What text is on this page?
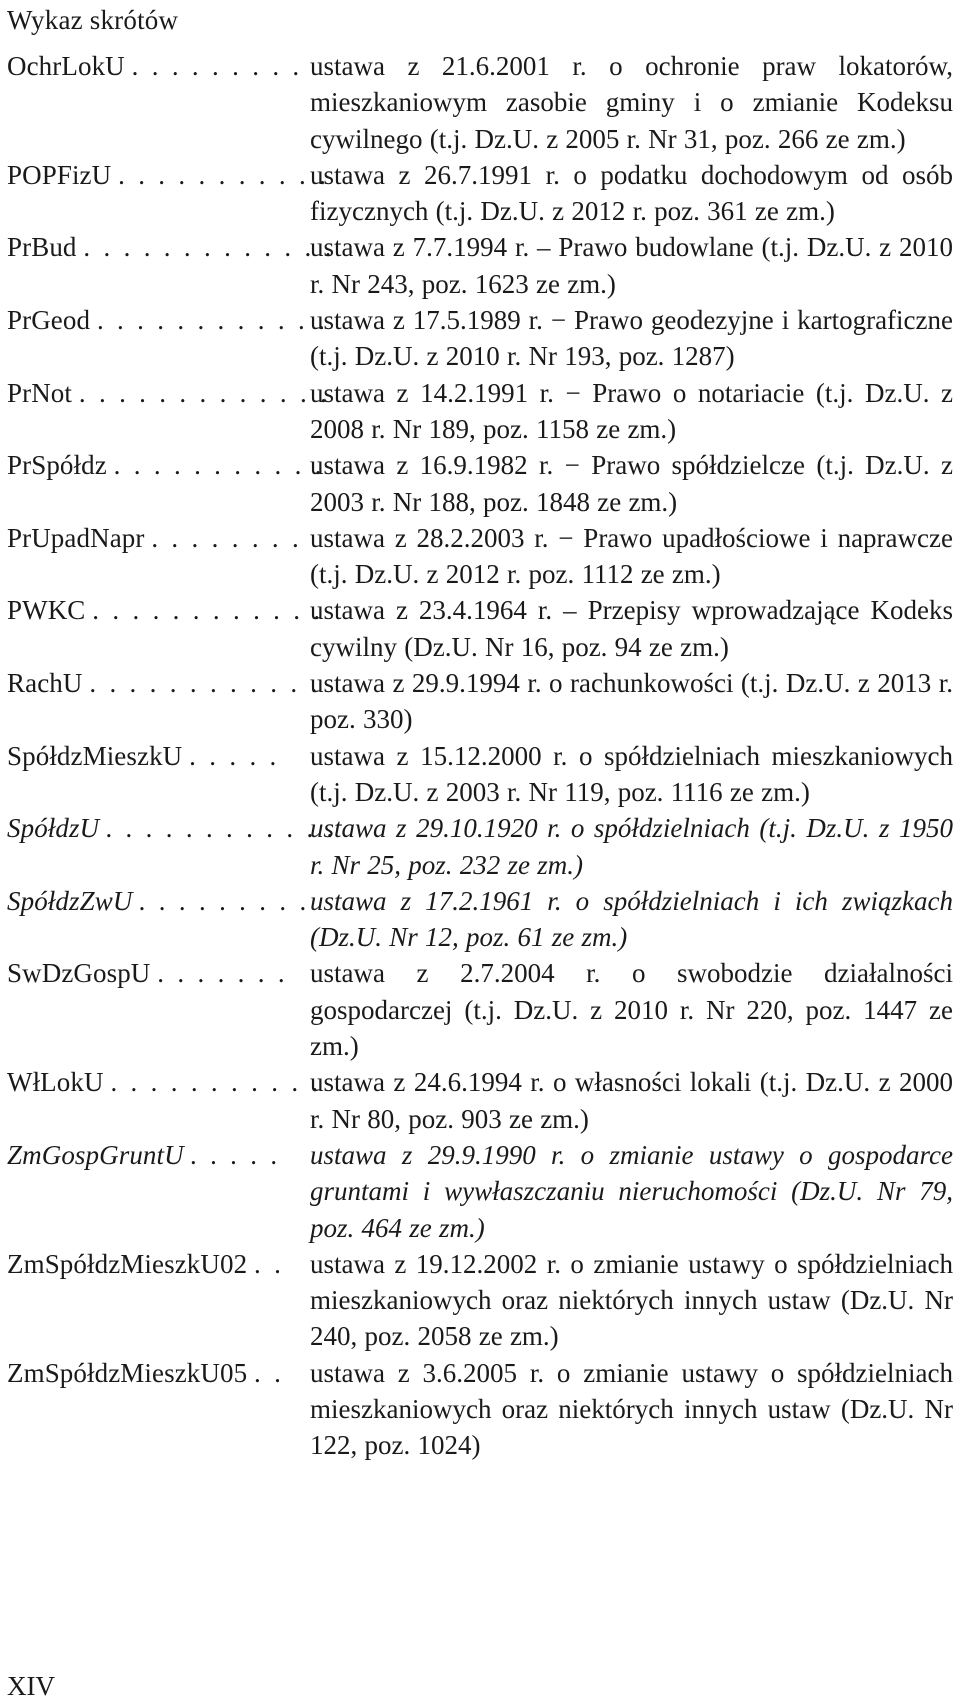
Wykaz skrótów
OchrLokU . . . . . . . . . ustawa z 21.6.2001 r. o ochronie praw lokatorów, mieszkaniowym zasobie gminy i o zmianie Kodeksu cywilnego (t.j. Dz.U. z 2005 r. Nr 31, poz. 266 ze zm.)
POPFizU . . . . . . . . . . .
ustawa z 26.7.1991 r. o podatku dochodowym od osób fizycznych (t.j. Dz.U. z 2012 r. poz. 361 ze zm.)
PrBud . . . . . . . . . . . . .
ustawa z 7.7.1994 r. – Prawo budowlane (t.j. Dz.U. z 2010 r. Nr 243, poz. 1623 ze zm.)
PrGeod . . . . . . . . . . . .
ustawa z 17.5.1989 r. − Prawo geodezyjne i kartograficzne (t.j. Dz.U. z 2010 r. Nr 193, poz. 1287)
PrNot . . . . . . . . . . . . .
ustawa z 14.2.1991 r. − Prawo o notariacie (t.j. Dz.U. z 2008 r. Nr 189, poz. 1158 ze zm.)
PrSpółdz . . . . . . . . . . .
ustawa z 16.9.1982 r. − Prawo spółdzielcze (t.j. Dz.U. z 2003 r. Nr 188, poz. 1848 ze zm.)
PrUpadNapr . . . . . . . . ustawa z 28.2.2003 r. − Prawo upadłościowe i naprawcze (t.j. Dz.U. z 2012 r. poz. 1112 ze zm.)
PWKC . . . . . . . . . . . .
ustawa z 23.4.1964 r. – Przepisy wprowadzające Kodeks cywilny (Dz.U. Nr 16, poz. 94 ze zm.)
RachU . . . . . . . . . . . .
ustawa z 29.9.1994 r. o rachunkowości (t.j. Dz.U. z 2013 r. poz. 330)
SpółdzMieszkU . . . . .	ustawa z 15.12.2000 r. o spółdzielniach mieszkaniowych (t.j. Dz.U. z 2003 r. Nr 119, poz. 1116 ze zm.)
SpółdzU . . . . . . . . . . . .
ustawa z 29.10.1920 r. o spółdzielniach (t.j. Dz.U. z 1950 r. Nr 25, poz. 232 ze zm.)
SpółdzZwU . . . . . . . . . ustawa z 17.2.1961 r. o spółdzielniach i ich związkach (Dz.U. Nr 12, poz. 61 ze zm.)
SwDzGospU . . . . . . . ustawa z 2.7.2004 r. o swobodzie działalności gospodarczej (t.j. Dz.U. z 2010 r. Nr 220, poz. 1447 ze zm.)
WłLokU . . . . . . . . . . .
ustawa z 24.6.1994 r. o własności lokali (t.j. Dz.U. z 2000 r. Nr 80, poz. 903 ze zm.)
ZmGospGruntU . . . . .	ustawa z 29.9.1990 r. o zmianie ustawy o gospodarce gruntami i wywłaszczaniu nieruchomości (Dz.U. Nr 79, poz. 464 ze zm.)
ZmSpółdzMieszkU02 . . ustawa z 19.12.2002 r. o zmianie ustawy o spółdzielniach mieszkaniowych oraz niektórych innych ustaw (Dz.U. Nr 240, poz. 2058 ze zm.)
ZmSpółdzMieszkU05 . . ustawa z 3.6.2005 r. o zmianie ustawy o spółdzielniach mieszkaniowych oraz niektórych innych ustaw (Dz.U. Nr 122, poz. 1024)
XIV
